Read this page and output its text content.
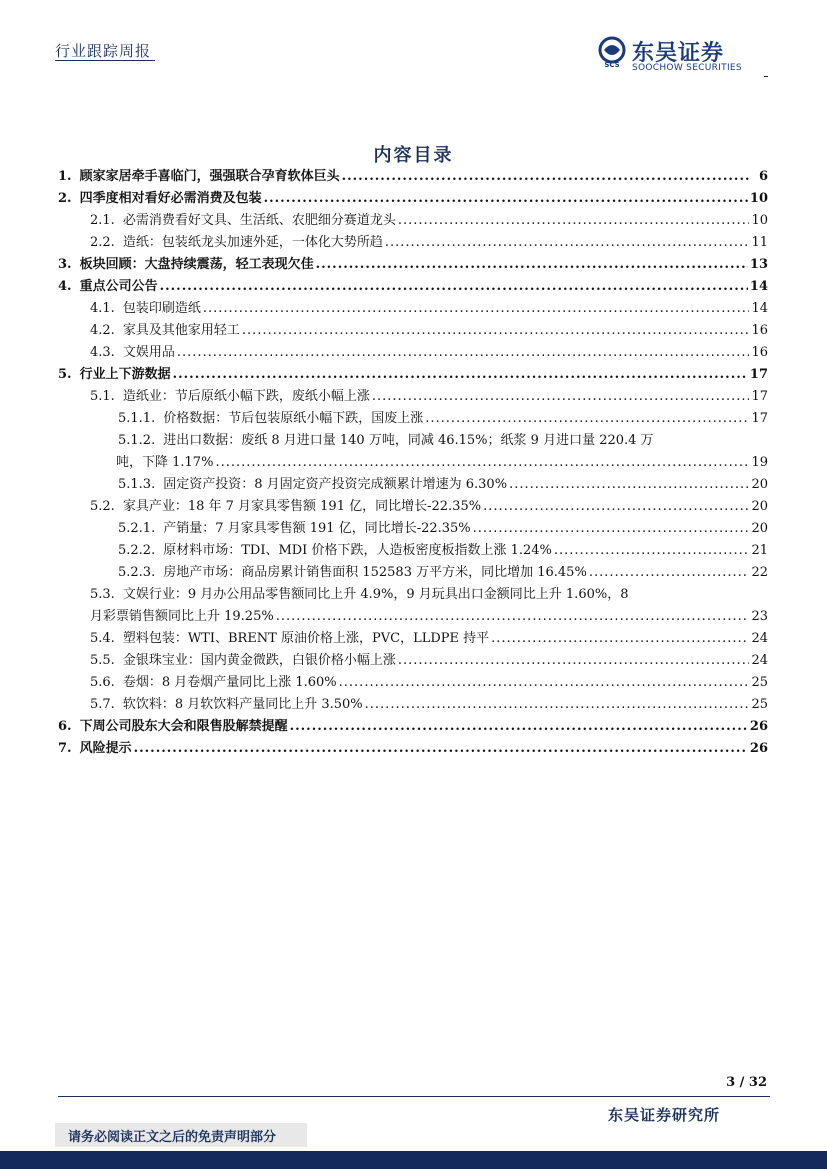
行业跟踪周报
SCS 东吴证券
SOOCHOW SECURITIES
内容目录
1. 顾家家居牵手喜临门，强强联合孕育软体巨头 .....	6
2. 四季度相对看好必需消费及包装 .....	10
2.1. 必需消费看好文具、生活纸、农肥细分赛道龙头 .....	10
2.2. 造纸：包装纸龙头加速外延，一体化大势所趋 .....	11
3. 板块回顾：大盘持续震荡，轻工表现欠佳 .....	13
4. 重点公司公告 .....	14
4.1. 包装印刷造纸 .....	14
4.2. 家具及其他家用轻工 .....	16
4.3. 文娱用品 .....	16
5. 行业上下游数据 .....	17
5.1. 造纸业：节后原纸小幅下跌，废纸小幅上涨 .....	17
5.1.1. 价格数据：节后包装原纸小幅下跌，国废上涨 .....	17
5.1.2. 进出口数据：废纸 8 月进口量 140 万吨，同减 46.15%；纸浆 9 月进口量 220.4 万
吨，下降 1.17% .....	19
5.1.3. 固定资产投资：8 月固定资产投资完成额累计增速为 6.30% .....	20
5.2. 家具产业：18 年 7 月家具零售额 191 亿，同比增长-22.35% .....	20
5.2.1. 产销量：7 月家具零售额 191 亿，同比增长-22.35% .....	20
5.2.2. 原材料市场：TDI、MDI 价格下跌，人造板密度板指数上涨 1.24% .....	21
5.2.3. 房地产市场：商品房累计销售面积 152583 万平方米，同比增加 16.45% .....	22
5.3. 文娱行业：9 月办公用品零售额同比上升 4.9%，9 月玩具出口金额同比上升 1.60%，8
月彩票销售额同比上升 19.25% .....	23
5.4. 塑料包装：WTI、BRENT 原油价格上涨，PVC，LLDPE 持平 .....	24
5.5. 金银珠宝业：国内黄金微跌，白银价格小幅上涨 .....	24
5.6. 卷烟：8 月卷烟产量同比上涨 1.60% .....	25
5.7. 软饮料：8 月软饮料产量同比上升 3.50% .....	25
6. 下周公司股东大会和限售股解禁提醒 .....	26
7. 风险提示 .....	26
3 / 32
东吴证券研究所
请务必阅读正文之后的免责声明部分
